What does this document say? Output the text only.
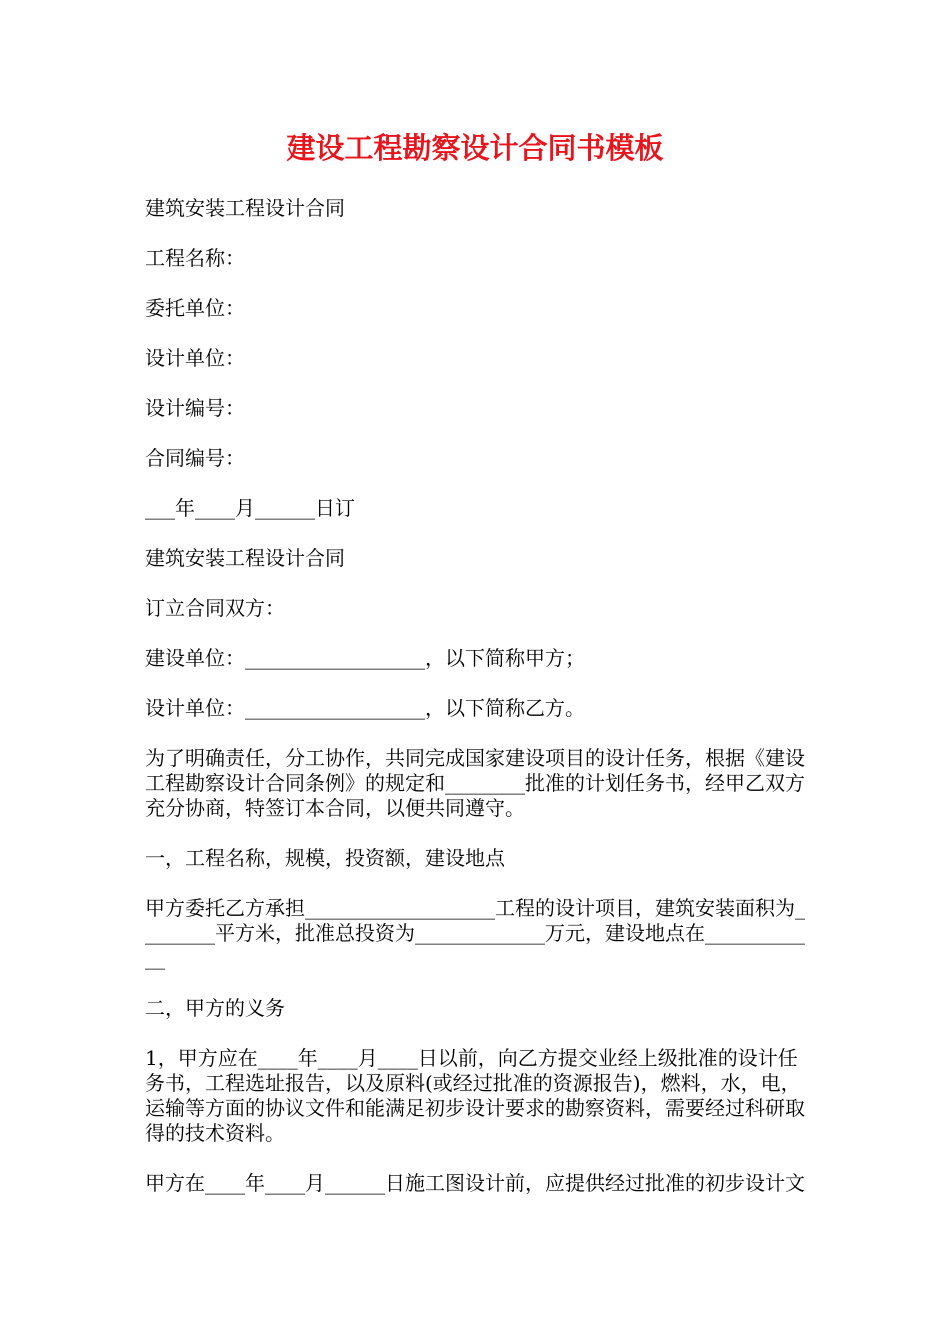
建设工程勘察设计合同书模板

建筑安装工程设计合同

工程名称：

委托单位：

设计单位：

设计编号：

合同编号：

___年____月______日订

建筑安装工程设计合同

订立合同双方：

建设单位：__________________，以下简称甲方；

设计单位：__________________，以下简称乙方。

为了明确责任，分工协作，共同完成国家建设项目的设计任务，根据《建设工程勘察设计合同条例》的规定和________批准的计划任务书，经甲乙双方充分协商，特签订本合同，以便共同遵守。

一，工程名称，规模，投资额，建设地点

甲方委托乙方承担___________________工程的设计项目，建筑安装面积为________平方米，批准总投资为_____________万元，建设地点在____________

二，甲方的义务

1，甲方应在____年____月____日以前，向乙方提交业经上级批准的设计任务书，工程选址报告，以及原料(或经过批准的资源报告)，燃料，水，电，运输等方面的协议文件和能满足初步设计要求的勘察资料，需要经过科研取得的技术资料。

甲方在____年____月______日施工图设计前，应提供经过批准的初步设计文
